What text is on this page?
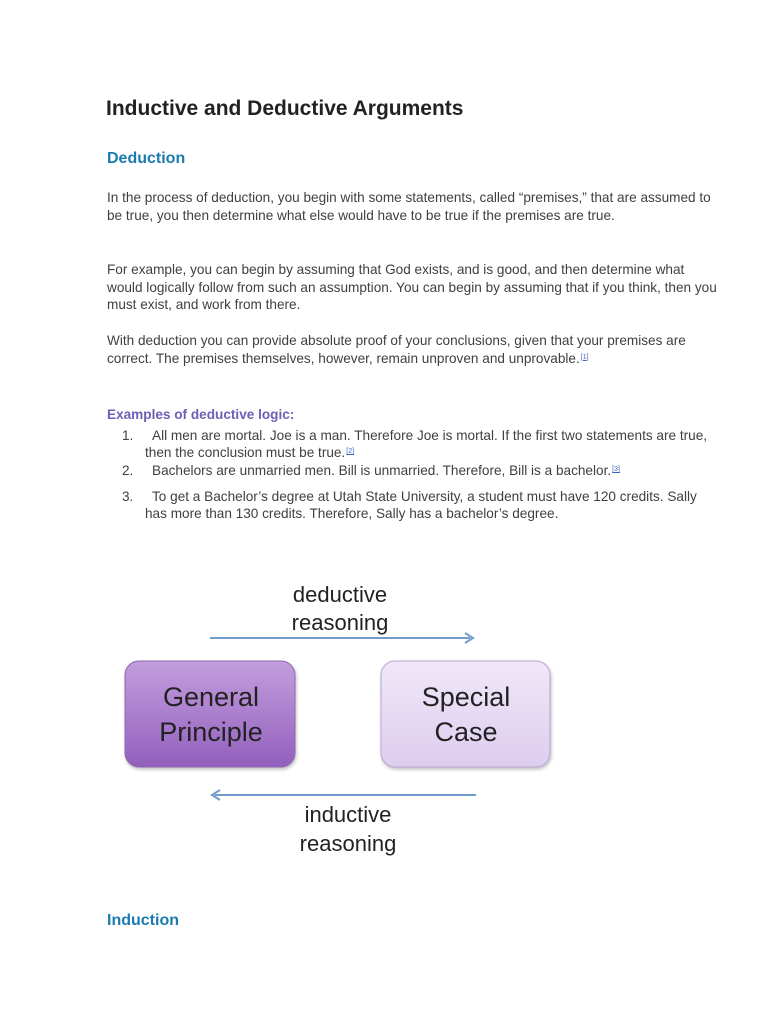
Inductive and Deductive Arguments
Deduction

In the process of deduction, you begin with some statements, called “premises,” that are assumed to be true, you then determine what else would have to be true if the premises are true.

For example, you can begin by assuming that God exists, and is good, and then determine what would logically follow from such an assumption. You can begin by assuming that if you think, then you must exist, and work from there.

With deduction you can provide absolute proof of your conclusions, given that your premises are correct. The premises themselves, however, remain unproven and unprovable.[1]

Examples of deductive logic:

1.	All men are mortal. Joe is a man. Therefore Joe is mortal. If the first two statements are true, then the conclusion must be true.[2]
2.	Bachelors are unmarried men. Bill is unmarried. Therefore, Bill is a bachelor.[3]
3.	To get a Bachelor’s degree at Utah State University, a student must have 120 credits. Sally has more than 130 credits. Therefore, Sally has a bachelor’s degree.
deductive
reasoning
General
Principle
Special
Case
inductive
reasoning
Induction
